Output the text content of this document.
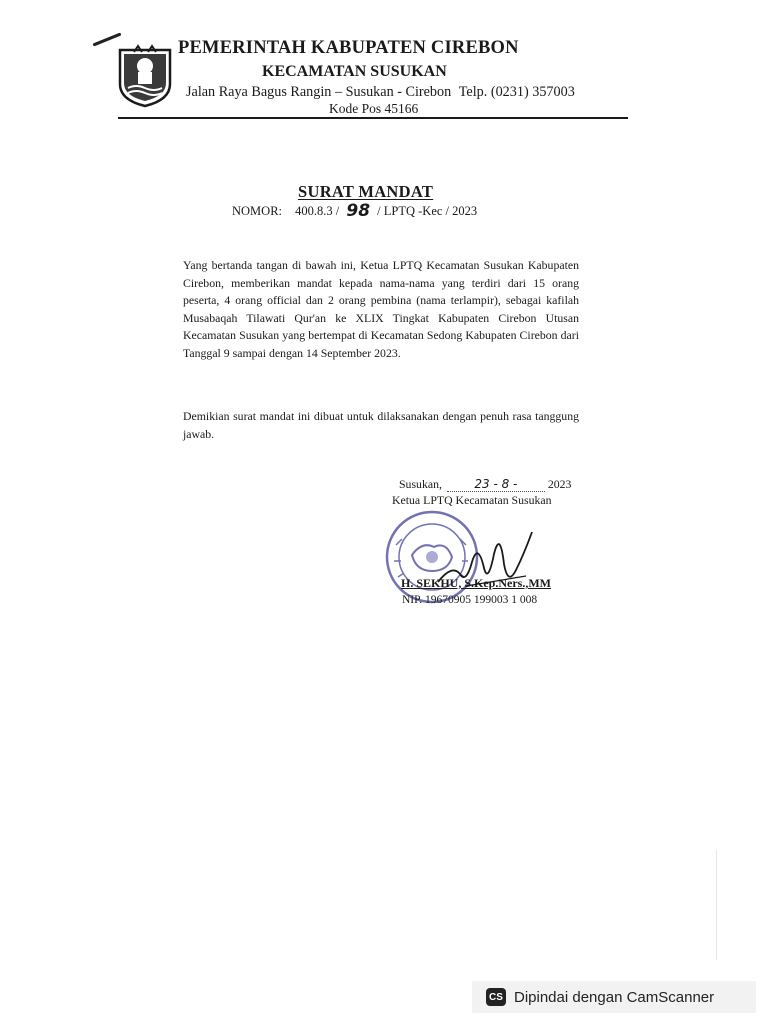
PEMERINTAH KABUPATEN CIREBON
KECAMATAN SUSUKAN
Jalan Raya Bagus Rangin – Susukan - Cirebon Telp. (0231) 357003
Kode Pos 45166
SURAT MANDAT
NOMOR: 400.8.3 / 98 / LPTQ -Kec / 2023
Yang bertanda tangan di bawah ini, Ketua LPTQ Kecamatan Susukan Kabupaten Cirebon, memberikan mandat kepada nama-nama yang terdiri dari 15 orang peserta, 4 orang official dan 2 orang pembina (nama terlampir), sebagai kafilah Musabaqah Tilawati Qur'an ke XLIX Tingkat Kabupaten Cirebon Utusan Kecamatan Susukan yang bertempat di Kecamatan Sedong Kabupaten Cirebon dari Tanggal 9 sampai dengan 14 September 2023.
Demikian surat mandat ini dibuat untuk dilaksanakan dengan penuh rasa tanggung jawab.
Susukan,	23 - 8 -	2023
Ketua LPTQ Kecamatan Susukan
H. SEKHU, S.Kep.Ners.,MM
NIP. 19670905 199003 1 008
CS Dipindai dengan CamScanner
